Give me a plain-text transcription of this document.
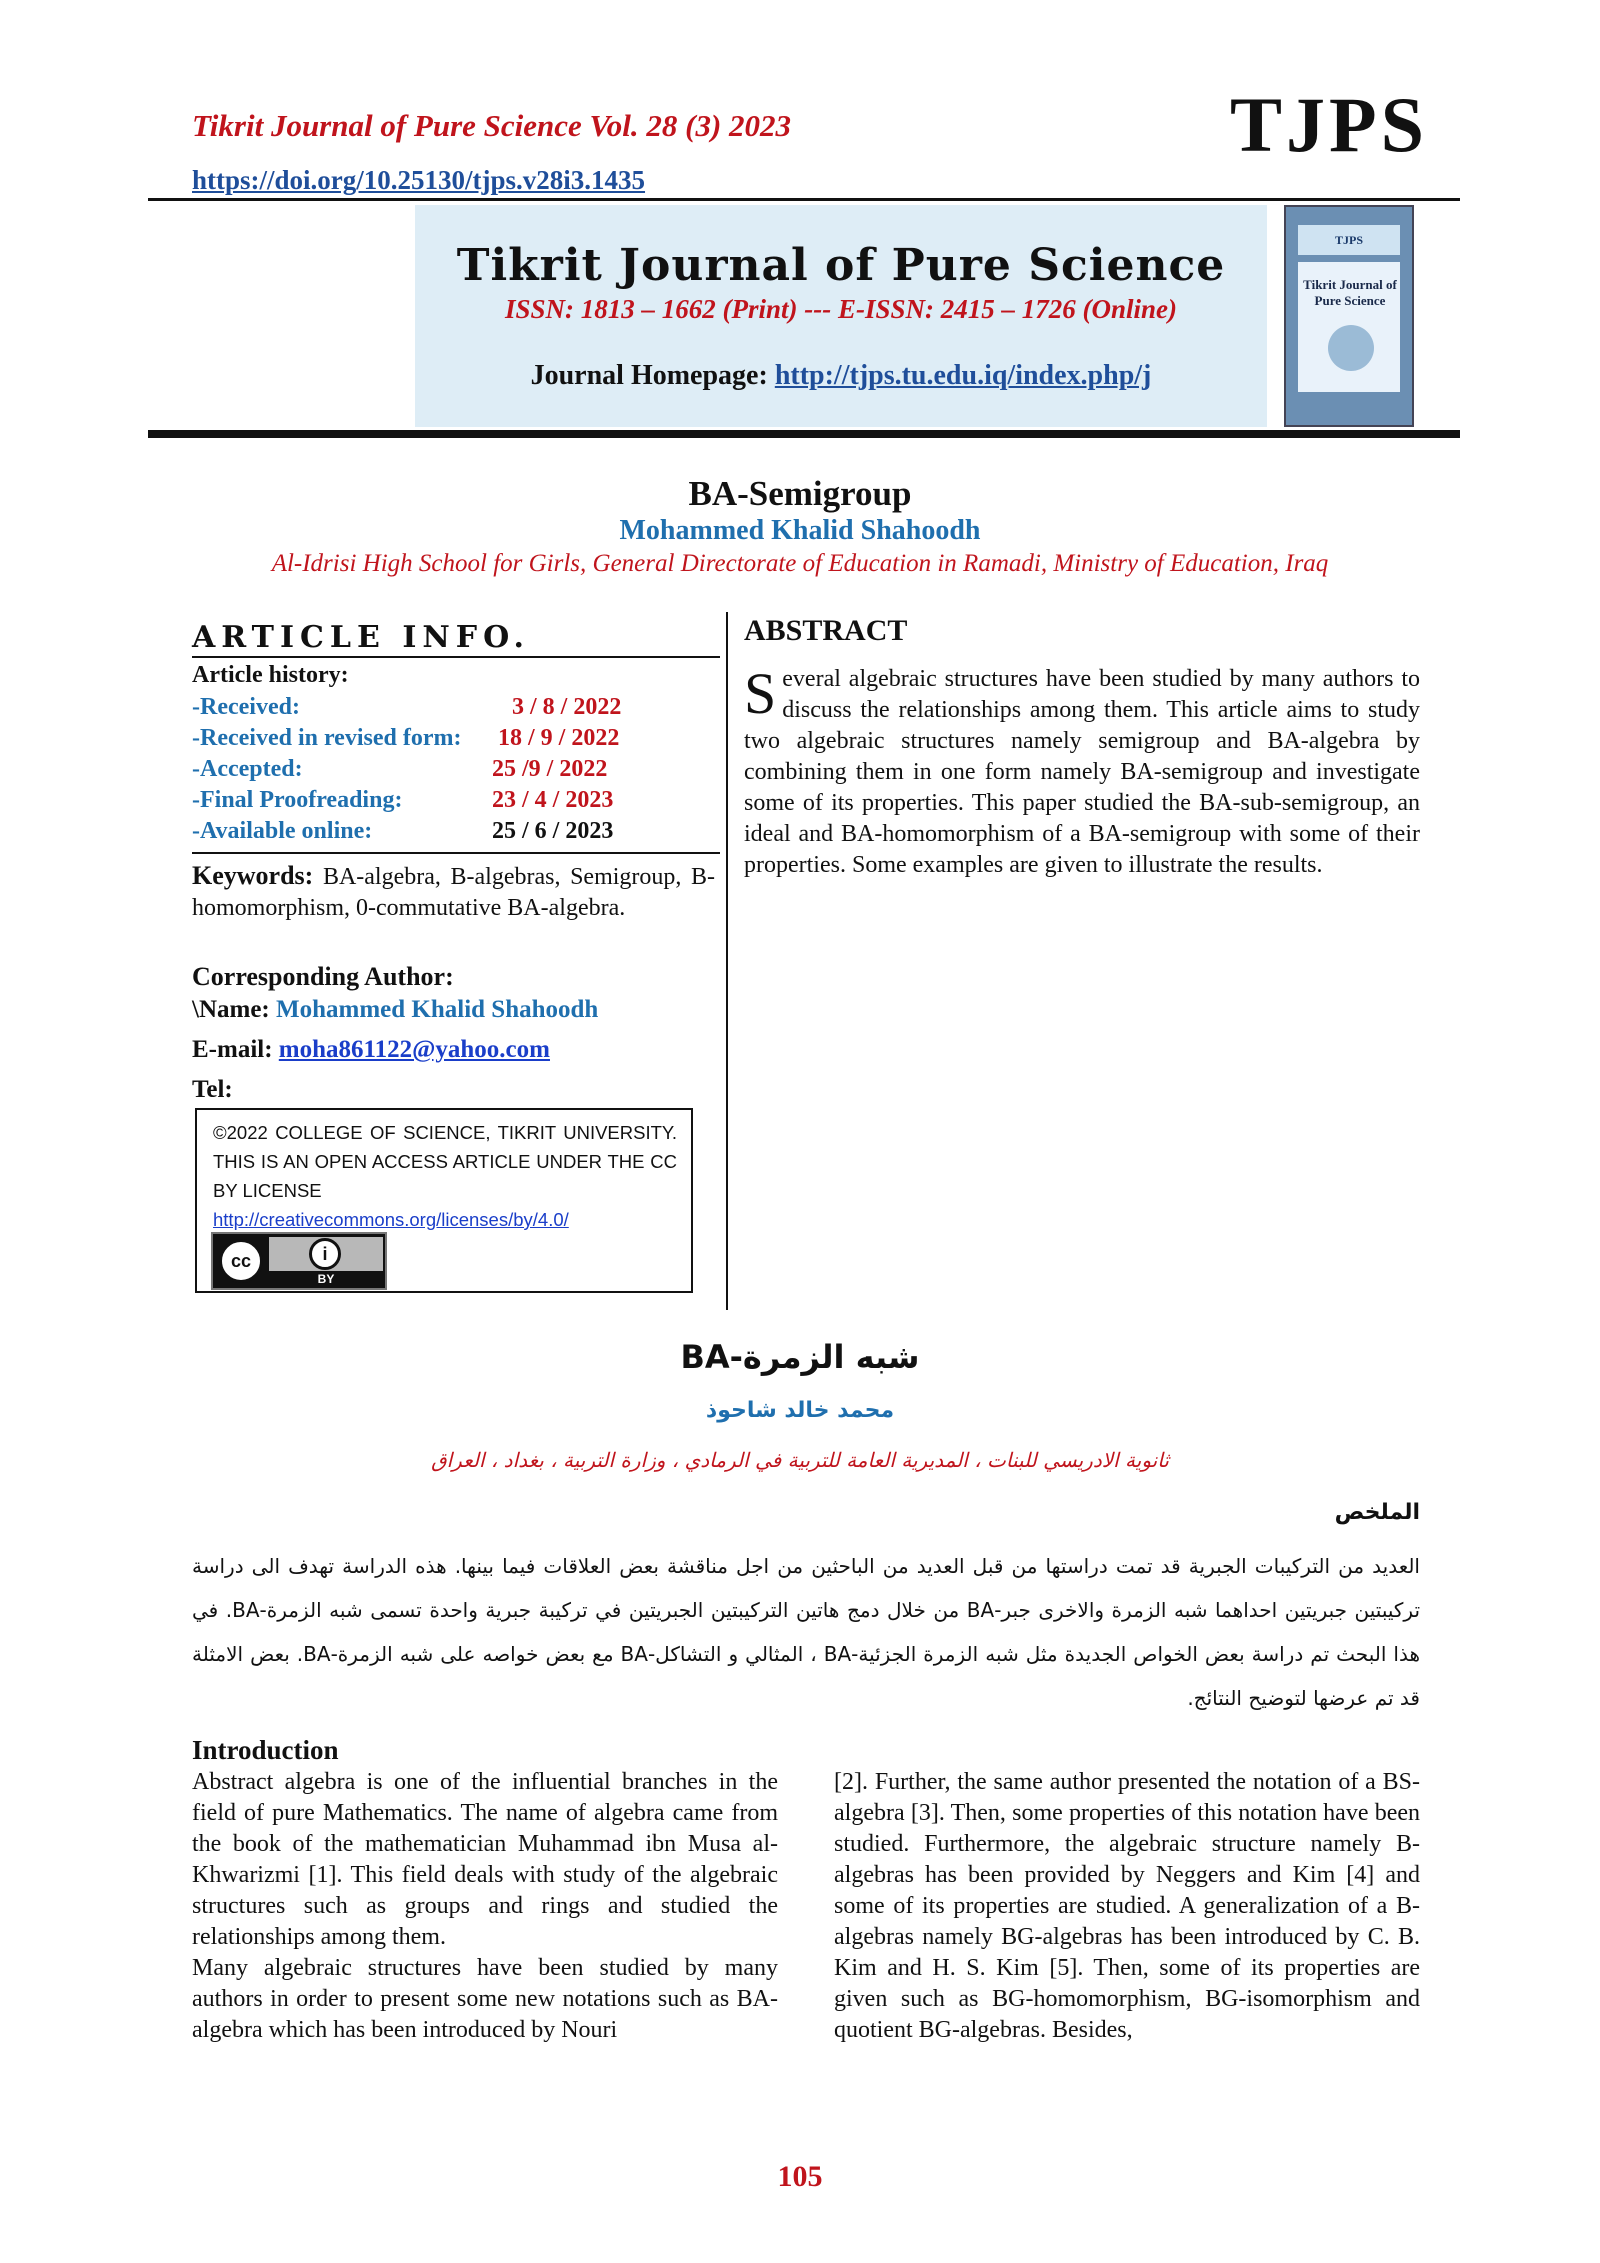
Tikrit Journal of Pure Science Vol. 28 (3) 2023
https://doi.org/10.25130/tjps.v28i3.1435
TJPS
Tikrit Journal of Pure Science
ISSN: 1813 – 1662 (Print) --- E-ISSN: 2415 – 1726 (Online)
Journal Homepage: http://tjps.tu.edu.iq/index.php/j
TJPS
Tikrit Journal of Pure Science
BA-Semigroup
Mohammed Khalid Shahoodh
Al-Idrisi High School for Girls, General Directorate of Education in Ramadi, Ministry of Education, Iraq
ARTICLE INFO.
Article history:
-Received:	3 / 8 / 2022
-Received in revised form: 18 / 9 / 2022
-Accepted:	25 /9 / 2022
-Final Proofreading:	23 / 4 / 2023
-Available online:	25 / 6 / 2023
Keywords: BA-algebra, B-algebras, Semigroup, B-homomorphism, 0-commutative BA-algebra.
Corresponding Author:
\Name: Mohammed Khalid Shahoodh
E-mail: moha861122@yahoo.com
Tel:
©2022 COLLEGE OF SCIENCE, TIKRIT UNIVERSITY. THIS IS AN OPEN ACCESS ARTICLE UNDER THE CC BY LICENSE
http://creativecommons.org/licenses/by/4.0/
cc	i
BY
ABSTRACT
Several algebraic structures have been studied by many authors to discuss the relationships among them. This article aims to study two algebraic structures namely semigroup and BA-algebra by combining them in one form namely BA-semigroup and investigate some of its properties. This paper studied the BA-sub-semigroup, an ideal and BA-homomorphism of a BA-semigroup with some of their properties. Some examples are given to illustrate the results.
شبه الزمرة-BA
محمد خالد شاحوذ
ثانوية الادريسي للبنات ، المديرية العامة للتربية في الرمادي ، وزارة التربية ، بغداد ، العراق
الملخص
العديد من التركيبات الجبرية قد تمت دراستها من قبل العديد من الباحثين من اجل مناقشة بعض العلاقات فيما بينها. هذه الدراسة تهدف الى دراسة تركيبتين جبريتين احداهما شبه الزمرة والاخرى جبر-BA من خلال دمج هاتين التركيبتين الجبريتين في تركيبة جبرية واحدة تسمى شبه الزمرة-BA. في هذا البحث تم دراسة بعض الخواص الجديدة مثل شبه الزمرة الجزئية-BA ، المثالي و التشاكل-BA مع بعض خواصه على شبه الزمرة-BA. بعض الامثلة قد تم عرضها لتوضيح النتائج.
Introduction

Abstract algebra is one of the influential branches in the field of pure Mathematics. The name of algebra came from the book of the mathematician Muhammad ibn Musa al-Khwarizmi [1]. This field deals with study of the algebraic structures such as groups and rings and studied the relationships among them.

Many algebraic structures have been studied by many authors in order to present some new notations such as BA-algebra which has been introduced by Nouri

[2]. Further, the same author presented the notation of a BS-algebra [3]. Then, some properties of this notation have been studied. Furthermore, the algebraic structure namely B-algebras has been provided by Neggers and Kim [4] and some of its properties are studied. A generalization of a B-algebras namely BG-algebras has been introduced by C. B. Kim and H. S. Kim [5]. Then, some of its properties are given such as BG-homomorphism, BG-isomorphism and quotient BG-algebras. Besides,

105
